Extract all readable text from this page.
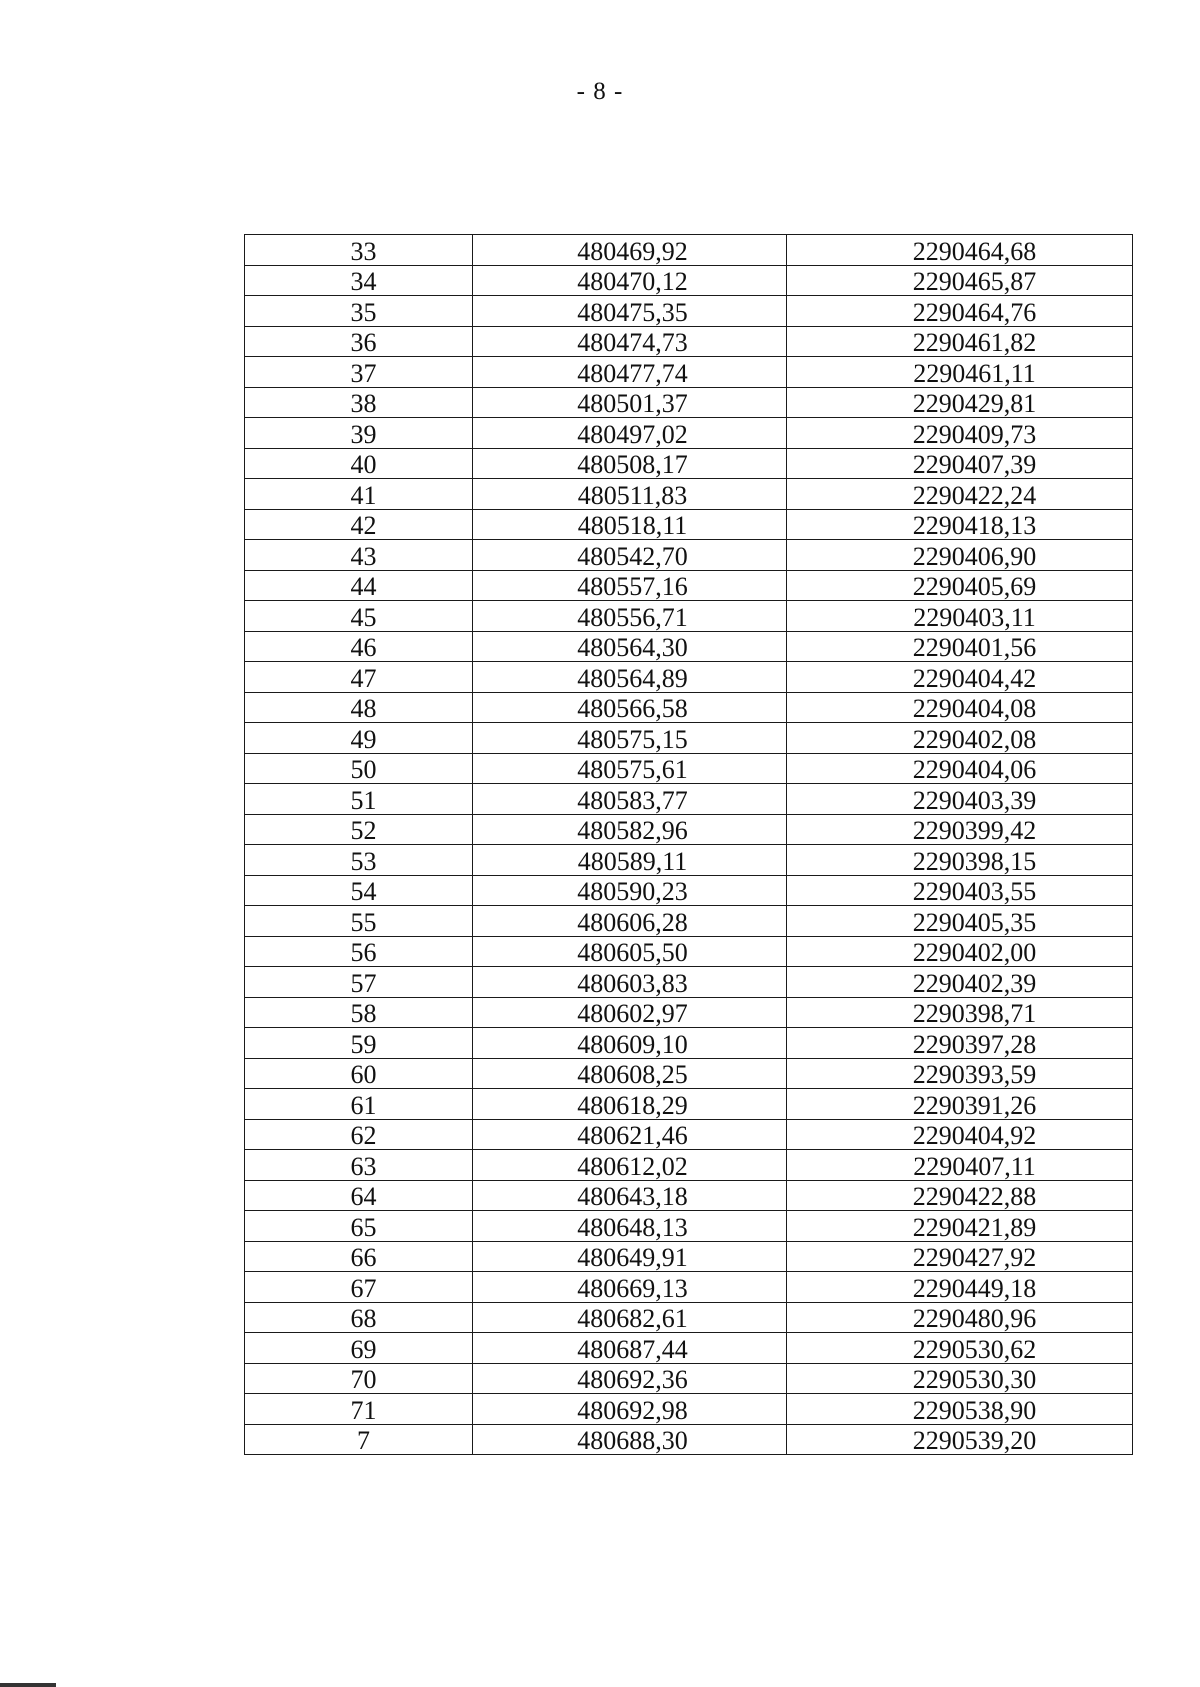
- 8 -
33	480469,92	2290464,68
34	480470,12	2290465,87
35	480475,35	2290464,76
36	480474,73	2290461,82
37	480477,74	2290461,11
38	480501,37	2290429,81
39	480497,02	2290409,73
40	480508,17	2290407,39
41	480511,83	2290422,24
42	480518,11	2290418,13
43	480542,70	2290406,90
44	480557,16	2290405,69
45	480556,71	2290403,11
46	480564,30	2290401,56
47	480564,89	2290404,42
48	480566,58	2290404,08
49	480575,15	2290402,08
50	480575,61	2290404,06
51	480583,77	2290403,39
52	480582,96	2290399,42
53	480589,11	2290398,15
54	480590,23	2290403,55
55	480606,28	2290405,35
56	480605,50	2290402,00
57	480603,83	2290402,39
58	480602,97	2290398,71
59	480609,10	2290397,28
60	480608,25	2290393,59
61	480618,29	2290391,26
62	480621,46	2290404,92
63	480612,02	2290407,11
64	480643,18	2290422,88
65	480648,13	2290421,89
66	480649,91	2290427,92
67	480669,13	2290449,18
68	480682,61	2290480,96
69	480687,44	2290530,62
70	480692,36	2290530,30
71	480692,98	2290538,90
7	480688,30	2290539,20
